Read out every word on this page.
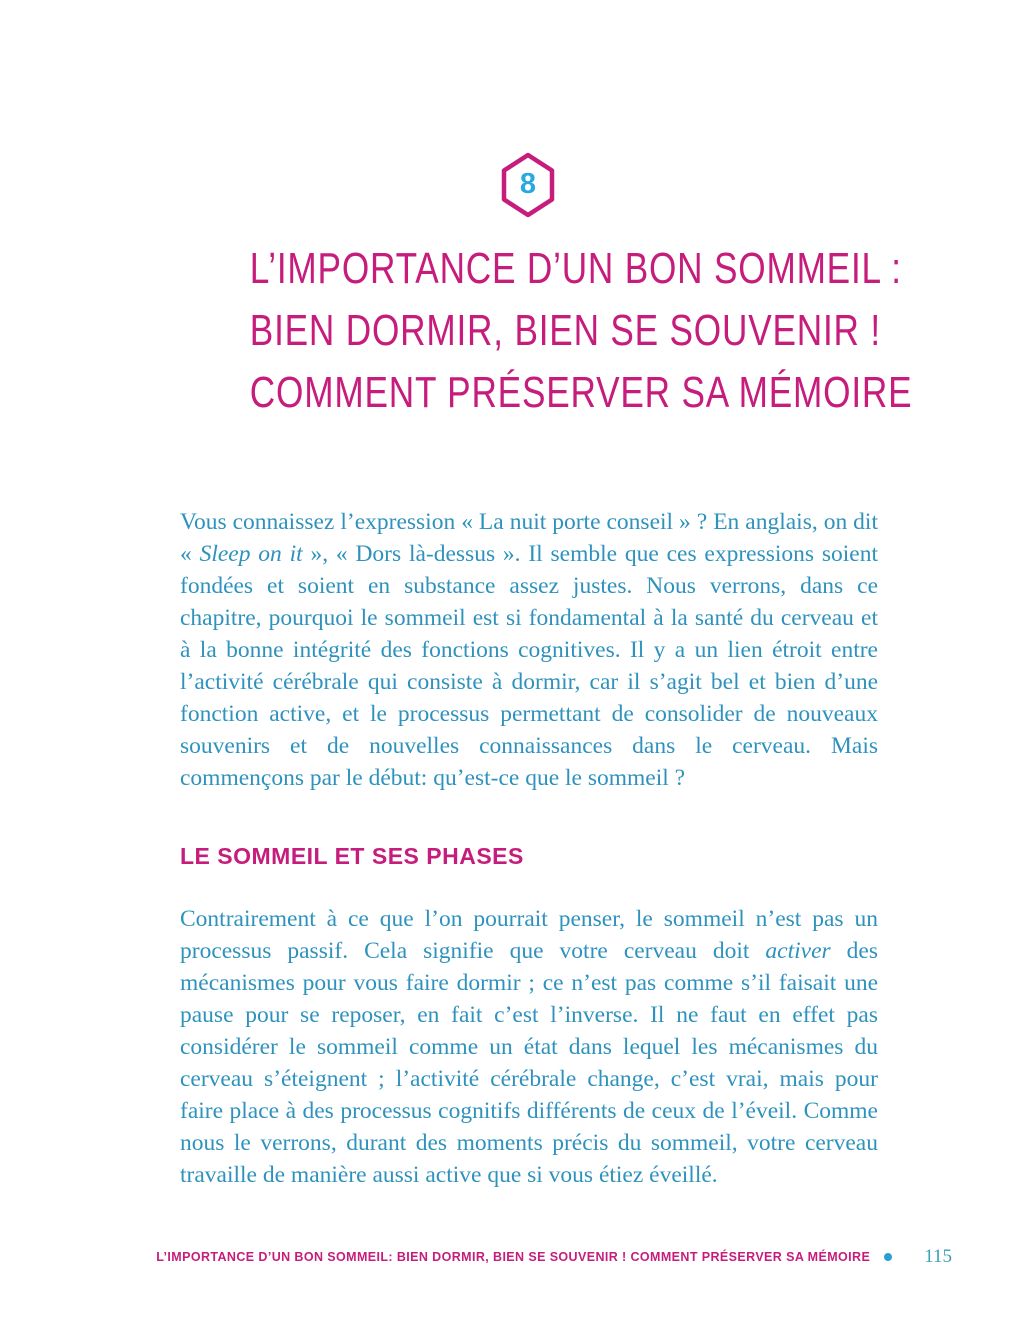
8
L’IMPORTANCE D’UN BON SOMMEIL :
BIEN DORMIR, BIEN SE SOUVENIR !
COMMENT PRÉSERVER SA MÉMOIRE

Vous connaissez l’expression « La nuit porte conseil » ? En anglais, on dit « Sleep on it », « Dors là-dessus ». Il semble que ces expressions soient fondées et soient en substance assez justes. Nous verrons, dans ce chapitre, pourquoi le sommeil est si fondamental à la santé du cerveau et à la bonne intégrité des fonctions cognitives. Il y a un lien étroit entre l’activité cérébrale qui consiste à dormir, car il s’agit bel et bien d’une fonction active, et le processus permettant de consolider de nouveaux souvenirs et de nouvelles connaissances dans le cerveau. Mais commençons par le début: qu’est-ce que le sommeil ?

LE SOMMEIL ET SES PHASES

Contrairement à ce que l’on pourrait penser, le sommeil n’est pas un processus passif. Cela signifie que votre cerveau doit activer des mécanismes pour vous faire dormir ; ce n’est pas comme s’il faisait une pause pour se reposer, en fait c’est l’inverse. Il ne faut en effet pas considérer le sommeil comme un état dans lequel les mécanismes du cerveau s’éteignent ; l’activité cérébrale change, c’est vrai, mais pour faire place à des processus cognitifs différents de ceux de l’éveil. Comme nous le verrons, durant des moments précis du sommeil, votre cerveau travaille de manière aussi active que si vous étiez éveillé.

L’IMPORTANCE D’UN BON SOMMEIL: BIEN DORMIR, BIEN SE SOUVENIR ! COMMENT PRÉSERVER SA MÉMOIRE	115
